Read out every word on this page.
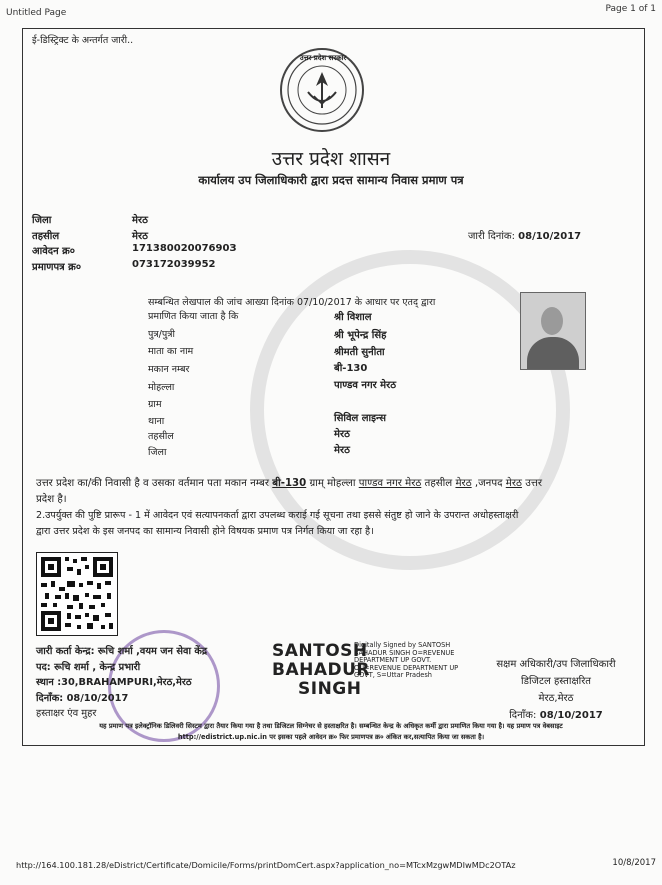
Untitled Page	Page 1 of 1
ई-डिस्ट्रिक्ट के अन्तर्गत जारी..
उत्तर प्रदेश सरकार
उत्तर प्रदेश शासन
कार्यालय उप जिलाधिकारी द्वारा प्रदत्त सामान्य निवास प्रमाण पत्र
जारी दिनांक: 08/10/2017
जिला	मेरठ
तहसील	मेरठ
आवेदन क्र०	17138002007690З
प्रमाणपत्र क्र०	073172039952
सम्बन्धित लेखपाल की जांच आख्या दिनांक 07/10/2017 के आधार पर एतद् द्वारा
प्रमाणित किया जाता है कि	श्री विशाल
पुत्र/पुत्री	श्री भूपेन्द्र सिंह
माता का नाम	श्रीमती सुनीता
मकान नम्बर	बी-130
मोहल्ला	पाण्डव नगर मेरठ
ग्राम
थाना	सिविल लाइन्स
तहसील	मेरठ
जिला	मेरठ
उत्तर प्रदेश का/की निवासी है व उसका वर्तमान पता मकान नम्बर बी-130 ग्राम् मोहल्ला पाण्डव नगर मेरठ तहसील मेरठ ,जनपद मेरठ उत्तर
प्रदेश है।
2.उपर्युक्त की पुष्टि प्रारूप - 1 में आवेदन एवं सत्यापनकर्ता द्वारा उपलब्ध कराई गई सूचना तथा इससे संतुष्ट हो जाने के उपरान्त अधोहस्ताक्षरी
द्वारा उत्तर प्रदेश के इस जनपद का सामान्य निवासी होने विषयक प्रमाण पत्र निर्गत किया जा रहा है।
जारी कर्ता केन्द्र: रूचि शर्मा ,वयम जन सेवा केंद्र
पद: रूचि शर्मा , केन्द्र प्रभारी
स्थान :30,BRAHAMPURI,मेरठ,मेरठ
दिनाँक: 08/10/2017
हस्ताक्षर एंव मुहर
SANTOSH
BAHADUR
SINGH
Digitally Signed by SANTOSH
BAHADUR SINGH O=REVENUE
DEPARTMENT UP GOVT.
OU=REVENUE DEPARTMENT UP
GOVT, S=Uttar Pradesh
सक्षम अधिकारी/उप जिलाधिकारी
डिजिटल हस्ताक्षरित
मेरठ,मेरठ
दिनाँक: 08/10/2017
यह प्रमाण पत्र इलेक्ट्रॉनिक डिलिवरी सिस्टम द्वारा तैयार किया गया है तथा डिजिटल सिग्नेचर से हस्ताक्षरित है। सम्बन्धित केन्द्र के अधिकृत कर्मी द्वारा प्रमाणित किया गया है। यह प्रमाण पत्र वेबसाइट
http://edistrict.up.nic.in पर इसका पहले आवेदन क्र० फिर प्रमाणपत्र क्र० अंकित कर,सत्यापित किया जा सकता है।
http://164.100.181.28/eDistrict/Certificate/Domicile/Forms/printDomCert.aspx?application_no=MTcxMzgwMDIwMDc2OTAz	10/8/2017
